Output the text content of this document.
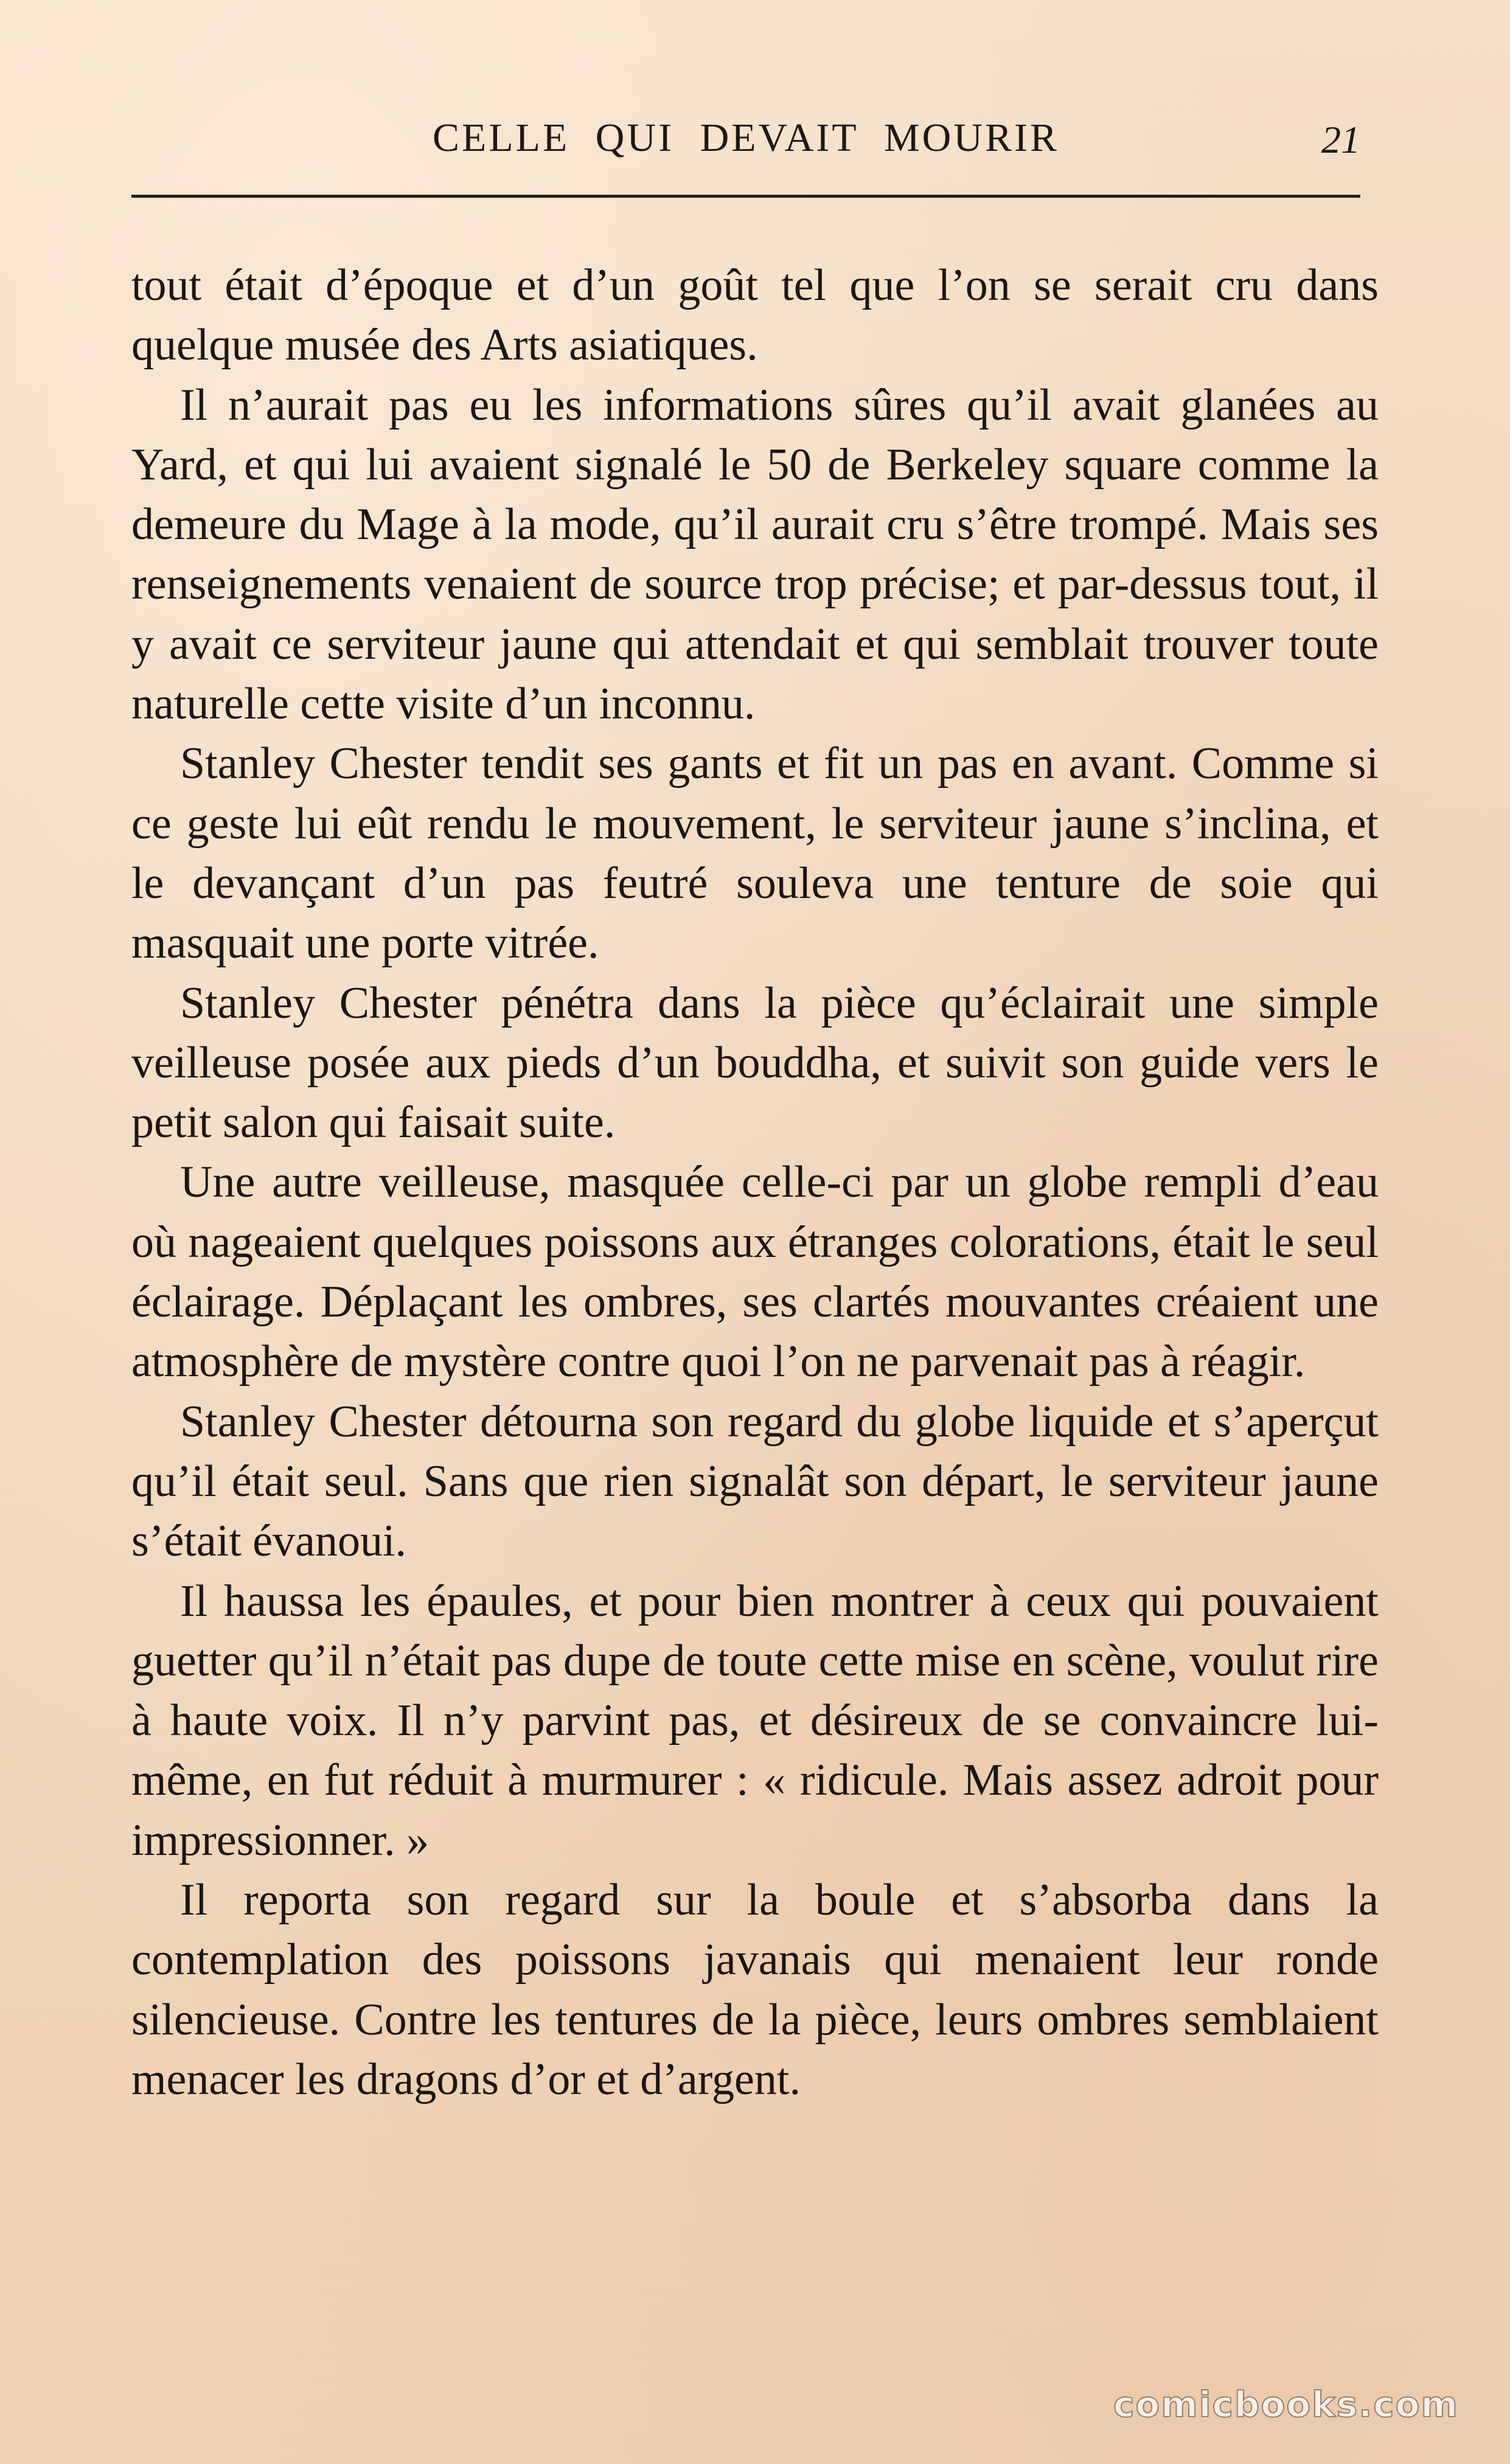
CELLE QUI DEVAIT MOURIR	21

tout était d’époque et d’un goût tel que l’on se serait cru dans quelque musée des Arts asiatiques.

Il n’aurait pas eu les informations sûres qu’il avait glanées au Yard, et qui lui avaient signalé le 50 de Berkeley square comme la demeure du Mage à la mode, qu’il aurait cru s’être trompé. Mais ses renseignements venaient de source trop précise; et par-dessus tout, il y avait ce serviteur jaune qui attendait et qui semblait trouver toute naturelle cette visite d’un inconnu.

Stanley Chester tendit ses gants et fit un pas en avant. Comme si ce geste lui eût rendu le mouvement, le serviteur jaune s’inclina, et le devançant d’un pas feutré souleva une tenture de soie qui masquait une porte vitrée.

Stanley Chester pénétra dans la pièce qu’éclairait une simple veilleuse posée aux pieds d’un bouddha, et suivit son guide vers le petit salon qui faisait suite.

Une autre veilleuse, masquée celle-ci par un globe rempli d’eau où nageaient quelques poissons aux étranges colorations, était le seul éclairage. Déplaçant les ombres, ses clartés mouvantes créaient une atmosphère de mystère contre quoi l’on ne parvenait pas à réagir.

Stanley Chester détourna son regard du globe liquide et s’aperçut qu’il était seul. Sans que rien signalât son départ, le serviteur jaune s’était évanoui.

Il haussa les épaules, et pour bien montrer à ceux qui pouvaient guetter qu’il n’était pas dupe de toute cette mise en scène, voulut rire à haute voix. Il n’y parvint pas, et désireux de se convaincre lui-même, en fut réduit à murmurer : « ridicule. Mais assez adroit pour impressionner. »

Il reporta son regard sur la boule et s’absorba dans la contemplation des poissons javanais qui menaient leur ronde silencieuse. Contre les tentures de la pièce, leurs ombres semblaient menacer les dragons d’or et d’argent.

comicbooks.com
